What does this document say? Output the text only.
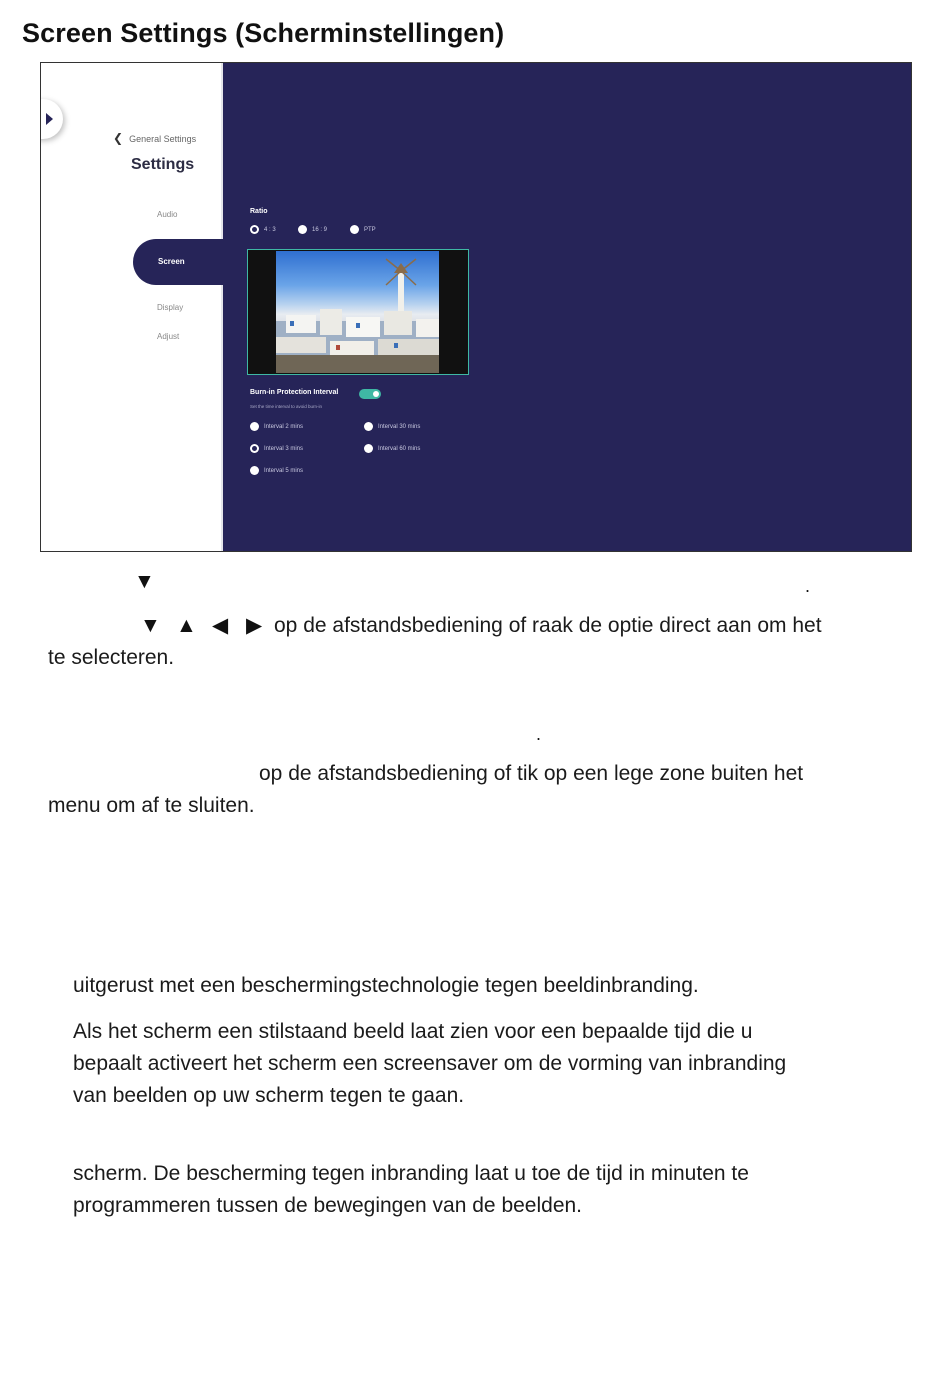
Screen Settings (Scherminstellingen)
❮ General Settings
Settings
Audio
Display
Adjust
Screen
Ratio
4 : 3	16 : 9	PTP
Burn-in Protection Interval
Set the time interval to avoid burn-in
Interval 2 mins	Interval 30 mins
Interval 3 mins	Interval 60 mins
Interval 5 mins
▼	.
▼ ▲ ◀ ▶ op de afstandsbediening of raak de optie direct aan om het

te selecteren.

.

op de afstandsbediening of tik op een lege zone buiten het

menu om af te sluiten.

uitgerust met een beschermingstechnologie tegen beeldinbranding.

Als het scherm een stilstaand beeld laat zien voor een bepaalde tijd die u

bepaalt activeert het scherm een screensaver om de vorming van inbranding

van beelden op uw scherm tegen te gaan.

scherm. De bescherming tegen inbranding laat u toe de tijd in minuten te

programmeren tussen de bewegingen van de beelden.
